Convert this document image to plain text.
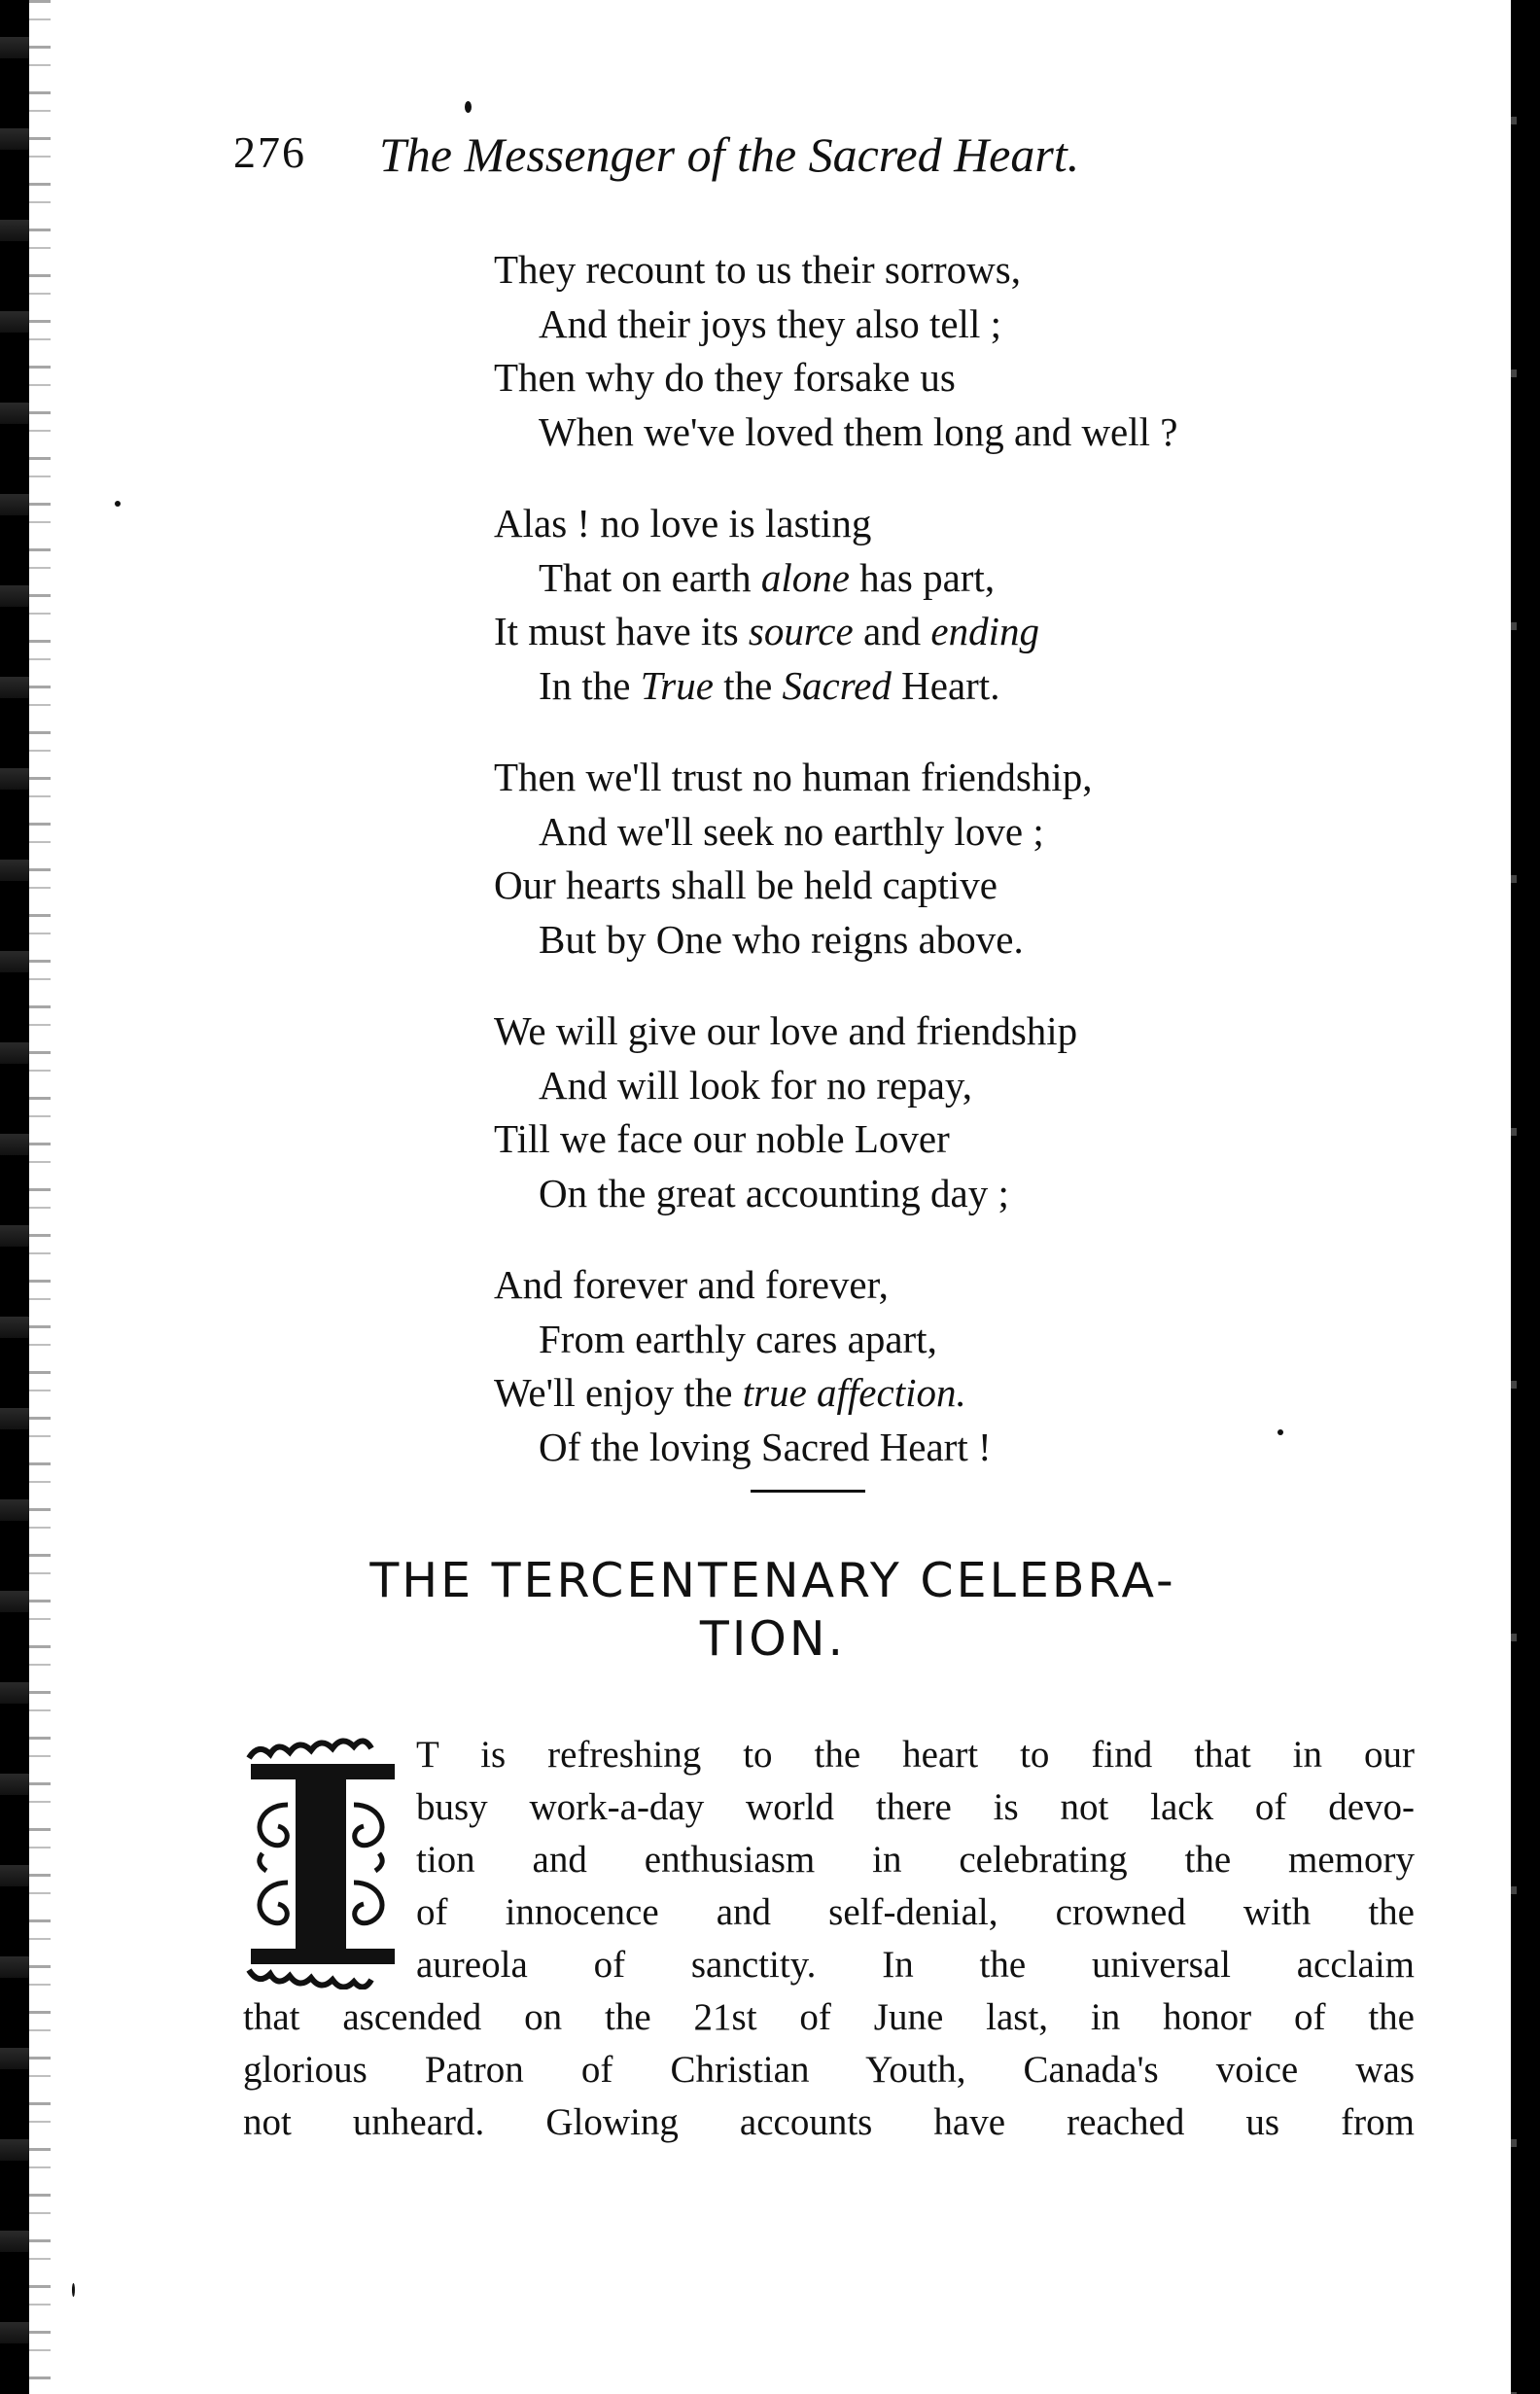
276 The Messenger of the Sacred Heart.
They recount to us their sorrows,
And their joys they also tell ;
Then why do they forsake us
When we've loved them long and well ?
Alas ! no love is lasting
That on earth alone has part,
It must have its source and ending
In the True the Sacred Heart.
Then we'll trust no human friendship,
And we'll seek no earthly love ;
Our hearts shall be held captive
But by One who reigns above.
We will give our love and friendship
And will look for no repay,
Till we face our noble Lover
On the great accounting day ;
And forever and forever,
From earthly cares apart,
We'll enjoy the true affection.
Of the loving Sacred Heart !
THE TERCENTENARY CELEBRA-
TION.
I
T is refreshing to the heart to find that in our
busy work-a-day world there is not lack of devo-
tion and enthusiasm in celebrating the memory
of innocence and self-denial, crowned with the
aureola of sanctity. In the universal acclaim
that ascended on the 21st of June last, in honor of the
glorious Patron of Christian Youth, Canada's voice was
not unheard. Glowing accounts have reached us from
